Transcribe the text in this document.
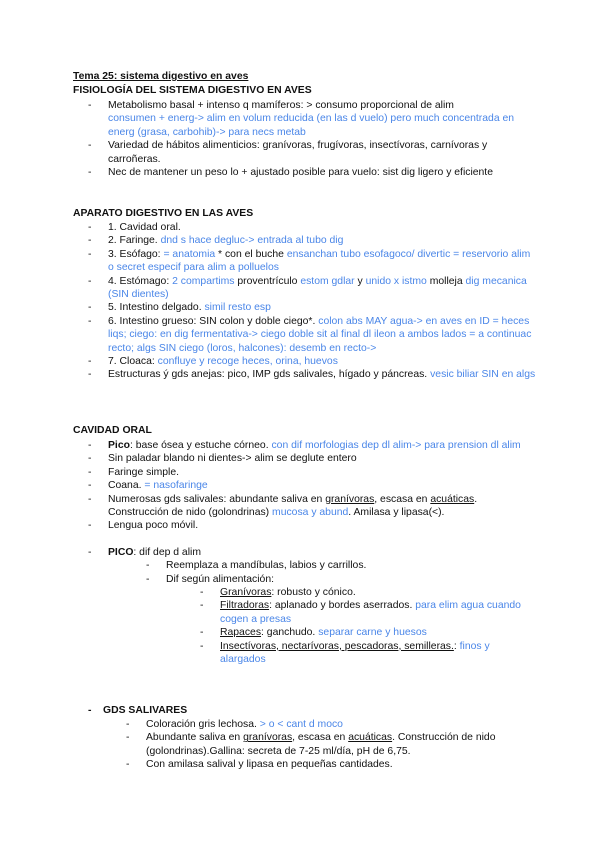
Tema 25: sistema digestivo en aves
FISIOLOGÍA DEL SISTEMA DIGESTIVO EN AVES
- Metabolismo basal + intenso q mamíferos: > consumo proporcional de alim
consumen + energ-> alim en volum reducida (en las d vuelo) pero much concentrada en energ (grasa, carbohib)-> para necs metab
- Variedad de hábitos alimenticios: granívoras, frugívoras, insectívoras, carnívoras y carroñeras.
- Nec de mantener un peso lo + ajustado posible para vuelo: sist dig ligero y eficiente
APARATO DIGESTIVO EN LAS AVES
- 1. Cavidad oral.
- 2. Faringe. dnd s hace degluc-> entrada al tubo dig
- 3. Esófago: = anatomia * con el buche ensanchan tubo esofagoco/ divertic = reservorio alim o secret especif para alim a polluelos
- 4. Estómago: 2 compartims proventrículo estom gdlar y unido x istmo molleja dig mecanica (SIN dientes)
- 5. Intestino delgado. simil resto esp
- 6. Intestino grueso: SIN colon y doble ciego*. colon abs MAY agua-> en aves en ID = heces liqs; ciego: en dig fermentativa-> ciego doble sit al final dl ileon a ambos lados = a continuac recto; algs SIN ciego (loros, halcones): desemb en recto->
- 7. Cloaca: confluye y recoge heces, orina, huevos
- Estructuras ý gds anejas: pico, IMP gds salivales, hígado y páncreas. vesic biliar SIN en algs
CAVIDAD ORAL
- Pico: base ósea y estuche córneo. con dif morfologias dep dl alim-> para prension dl alim
- Sin paladar blando ni dientes-> alim se deglute entero
- Faringe simple.
- Coana. = nasofaringe
- Numerosas gds salivales: abundante saliva en granívoras, escasa en acuáticas. Construcción de nido (golondrinas) mucosa y abund. Amilasa y lipasa(<).
- Lengua poco móvil.
- PICO: dif dep d alim
- Reemplaza a mandíbulas, labios y carrillos.
- Dif según alimentación:
- Granívoras: robusto y cónico.
- Filtradoras: aplanado y bordes aserrados. para elim agua cuando cogen a presas
- Rapaces: ganchudo. separar carne y huesos
- Insectívoras, nectarívoras, pescadoras, semilleras.: finos y alargados
- GDS SALIVARES
- Coloración gris lechosa. > o < cant d moco
- Abundante saliva en granívoras, escasa en acuáticas. Construcción de nido (golondrinas).Gallina: secreta de 7-25 ml/día, pH de 6,75.
- Con amilasa salival y lipasa en pequeñas cantidades.
